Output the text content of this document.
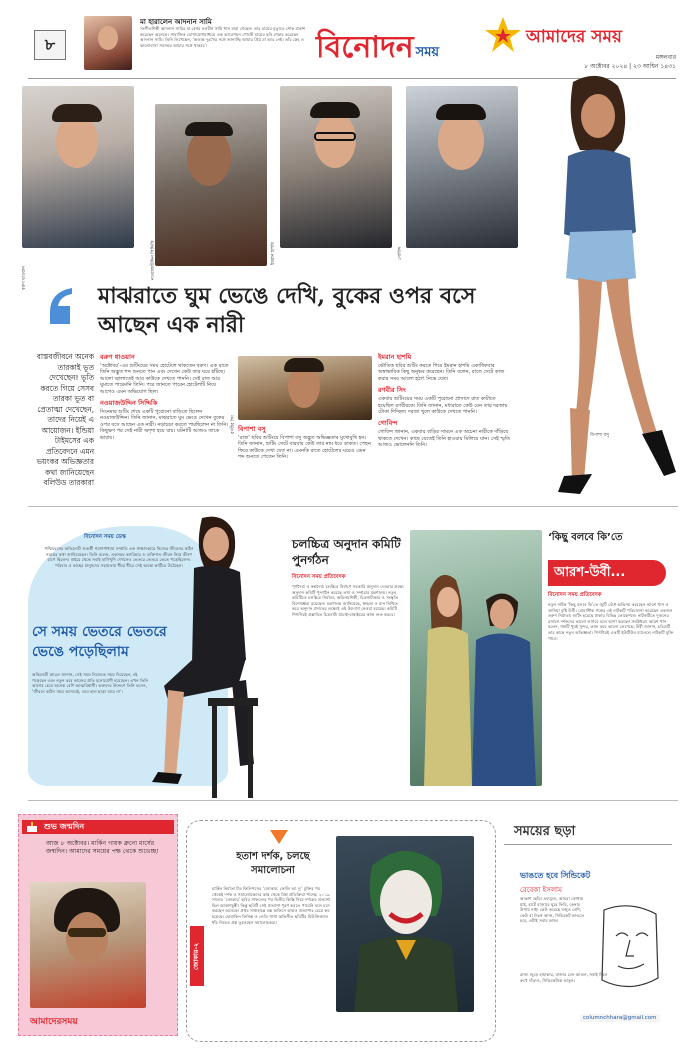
৮
মা হারালেন আদনান সামি
সংগীতশিল্পী আদনান সামির মা বেগম নওরীন সামি খান মারা গেছেন। তার মায়ের মৃত্যুতে শোক প্রকাশ করেছেন অনেকে। সামাজিক যোগাযোগমাধ্যমে এক আবেগঘন পোস্টে মায়ের ছবি শেয়ার করেছেন আদনান সামি। তিনি লিখেছেন, ‘অত্যন্ত দুঃখের সঙ্গে জানাচ্ছি আমার প্রিয় মা আর নেই। তাঁর স্নেহ ও ভালোবাসা সবসময় আমার সঙ্গে থাকবে’।	বিনোদন সময়
আমাদের সময়
মঙ্গলবার
৮ অক্টোবর ২০২৪ | ২৩ আশ্বিন ১৪৩১
বরুণ ধাওয়ান	নওয়াজউদ্দিন সিদ্দিকি	ইমরান হাশমি	গোবিন্দ
বিপাশা বসু
মাঝরাতে ঘুম ভেঙে দেখি, বুকের ওপর বসে আছেন এক নারী
বাস্তবজীবনে অনেক তারকাই ভূত দেখেছেন! ভূতি করতে গিয়ে সেসব তারকা ভূত বা প্রেতাত্মা দেখেছেন, তাদের নিয়েই এ আয়োজন। ইন্ডিয়া টাইমসের এক প্রতিবেদনে এমন ভয়ংকর অভিজ্ঞতার কথা জানিয়েছেন বলিউড তারকারা
বরুণ ধাওয়ান
‘অক্টোবর’-এর শুটিংয়ের সময় হোটেলে থাকতেন বরুণ। এক রাতে তিনি অদ্ভুত শব্দ শুনতে পান এবং দেখেন কেউ তার ঘরে হাঁটছে। আলো জ্বালাতেই আর কাউকে দেখতে পাননি। সেই রাত আর ঘুমাতে পারেননি তিনি। পরে জানতে পারেন হোটেলটি নিয়ে আগেও এমন অভিযোগ ছিল।
নওয়াজউদ্দিন সিদ্দিকি
সিনেমার শুটিং শেষে একটি পুরোনো বাড়িতে ছিলেন নওয়াজউদ্দিন। তিনি জানান, মাঝরাতে ঘুম ভেঙে দেখেন বুকের ওপর বসে আছেন এক নারী। নড়াচড়া করতে পারছিলেন না তিনি। কিছুক্ষণ পর সেই নারী অদৃশ্য হয়ে যায়। ঘটনাটি আজও তাকে ভাবায়।
রণবীর সিং বিপাশা বসু
‘রাজ’ ছবির শুটিংয়ে বিপাশা বসু অদ্ভুত অভিজ্ঞতার মুখোমুখি হন। তিনি জানান, শুটিং সেটে বারবার কেউ তার নাম ধরে ডাকত। পেছন ফিরে কাউকে দেখা যেত না। এমনকি রাতে হোটেলের ঘরেও এমন শব্দ শুনতে পেতেন তিনি।
ইমরান হাশমি
ভৌতিক ছবির শুটিং করতে গিয়ে ইমরান হাশমি একাধিকবার অস্বাভাবিক কিছু অনুভব করেছেন। তিনি বলেন, রাতে সেটে কাজ করার সময় আলো হঠাৎ নিভে যেত।
রণবীর সিং
একবার শুটিংয়ের সময় একটি পুরোনো প্রাসাদে রাত কাটাতে হয়েছিল রণবীরকে। তিনি জানান, মধ্যরাতে কেউ যেন তার দরজায় টোকা দিচ্ছিল। দরজা খুলে কাউকে দেখতে পাননি।
গোবিন্দ
গোবিন্দ জানান, একবার বাড়ির সামনে এক অচেনা নারীকে দাঁড়িয়ে থাকতে দেখেন। কাছে যেতেই তিনি হাওয়ায় মিলিয়ে যান। সেই স্মৃতি আজও ভোলেননি তিনি।
বিনোদন সময় ডেস্ক
পশ্চিমবঙ্গের অভিনেত্রী শুভশ্রী গঙ্গোপাধ্যায় সম্প্রতি এক সাক্ষাৎকারে নিজের জীবনের কঠিন সময়ের কথা জানিয়েছেন। তিনি বলেন, একসময় ক্যারিয়ার ও ব্যক্তিগত জীবন নিয়ে ভীষণ চাপে ছিলেন। বাইরে থেকে সবাই হাসিখুশি দেখলেও ভেতরে ভেতরে ভেঙে পড়েছিলেন। পরিবার ও কাছের মানুষদের সহায়তায় ধীরে ধীরে সেই অবস্থা কাটিয়ে উঠেছেন।
সে সময় ভেতরে ভেতরে ভেঙে পড়েছিলাম
অভিনেত্রী আরও জানান, সেই সময় নিজেকে সময় দিয়েছেন, বই পড়েছেন এবং নতুন করে কাজের প্রতি মনোযোগী হয়েছেন। এখন তিনি আগের চেয়ে অনেক বেশি আত্মবিশ্বাসী। ভক্তদের উদ্দেশে তিনি বলেন, ‘জীবনে কঠিন সময় আসবেই, তবে হাল ছাড়া যাবে না’।
চলচ্চিত্র অনুদান কমিটি পুনর্গঠন
বিনোদন সময় প্রতিবেদক
পূর্ণদৈর্ঘ্য ও স্বল্পদৈর্ঘ্য চলচ্চিত্র নির্মাণে সরকারি অনুদান দেওয়ার লক্ষ্যে অনুদান কমিটি পুনর্গঠন করেছে তথ্য ও সম্প্রচার মন্ত্রণালয়। নতুন কমিটিতে চলচ্চিত্র নির্মাতা, অভিনয়শিল্পী, চিত্রনাট্যকার ও সংস্কৃতি বিশেষজ্ঞরা রয়েছেন। মন্ত্রণালয় জানিয়েছে, স্বচ্ছতা ও মান নিশ্চিত করে অনুদান প্রদানের লক্ষ্যেই এই উদ্যোগ নেওয়া হয়েছে। কমিটি শিগগিরই প্রস্তাবিত চিত্রনাট্য যাচাই-বাছাইয়ের কাজ শুরু করবে।
‘কিছু বলবে কি’তে
আরশ-উর্বী...
বিনোদন সময় প্রতিবেদক
নতুন নাটক ‘কিছু বলবে কি’তে জুটি বেঁধে অভিনয় করেছেন আরশ খান ও তানিয়া বৃষ্টি উর্বী। রোমান্টিক গল্পের এই নাটকটি পরিচালনা করেছেন একজন তরুণ নির্মাতা। শুটিং হয়েছে ঢাকার বিভিন্ন লোকেশনে। নাটকটিতে দুজনের রসায়ন দর্শকদের ভালো লাগবে বলে আশা করছেন সংশ্লিষ্টরা। আরশ খান বলেন, গল্পটি খুবই সুন্দর, কাজ করে ভালো লেগেছে। উর্বী জানান, চরিত্রটি তার কাছে নতুন অভিজ্ঞতা। শিগগিরই একটি ইউটিউব চ্যানেলে নাটকটি মুক্তি পাবে।
শুভ জন্মদিন
আজ ৮ অক্টোবর। মার্কিন গায়ক ব্রুনো মার্সের জন্মদিন। আমাদের সময়ের পক্ষ থেকে শুভেচ্ছা
আমাদেরসময়
হতাশ দর্শক, চলছে সমালোচনা
মার্কিন নির্মাতা টড ফিলিপসের ‘জোকার: ফোলি আ দ্যু’ মুক্তির পর থেকেই দর্শক ও সমালোচকদের কাছ থেকে মিশ্র প্রতিক্রিয়া পাচ্ছে। ২০১৯ সালের ‘জোকার’ ছবির সাফল্যের পর দ্বিতীয় কিস্তি নিয়ে দর্শকের প্রত্যাশা ছিল আকাশচুম্বী। কিন্তু ছবিটি সেই প্রত্যাশা পূরণ করতে পারেনি বলে মনে করছেন অনেকে। প্রথম সপ্তাহান্তে বক্স অফিসে আয়ও প্রত্যাশার চেয়ে কম হয়েছে। হোয়াকিন ফিনিক্স ও লেডি গাগা অভিনীত ছবিটির মিউজিক্যাল ধাঁচ নিয়েও প্রশ্ন তুলেছেন সমালোচকরা।
জোকার-২
সময়ের ছড়া
ভাঙতে হবে সিন্ডিকেট
রেবেকা ইসলাম
আকাশ ছোঁয়া দ্রব্যমূল্য, আমরা কোথায় যাই, হাটে বাজারে ঘুরে ফিরি, কেনার উপায় নাই। কেউ করেছে মজুত বেশি, কেউ বা নিঃস্ব আজ, সিন্ডিকেট ভাঙতে হবে, এটাই সবার কাজ।
রাজ্য জুড়ে হাহাকার, বাজার যেন আগুন, সবাই মিলে রুখে দাঁড়াও, সিন্ডিকেটকে ভাঙুন।
columnchhara@gmail.com
